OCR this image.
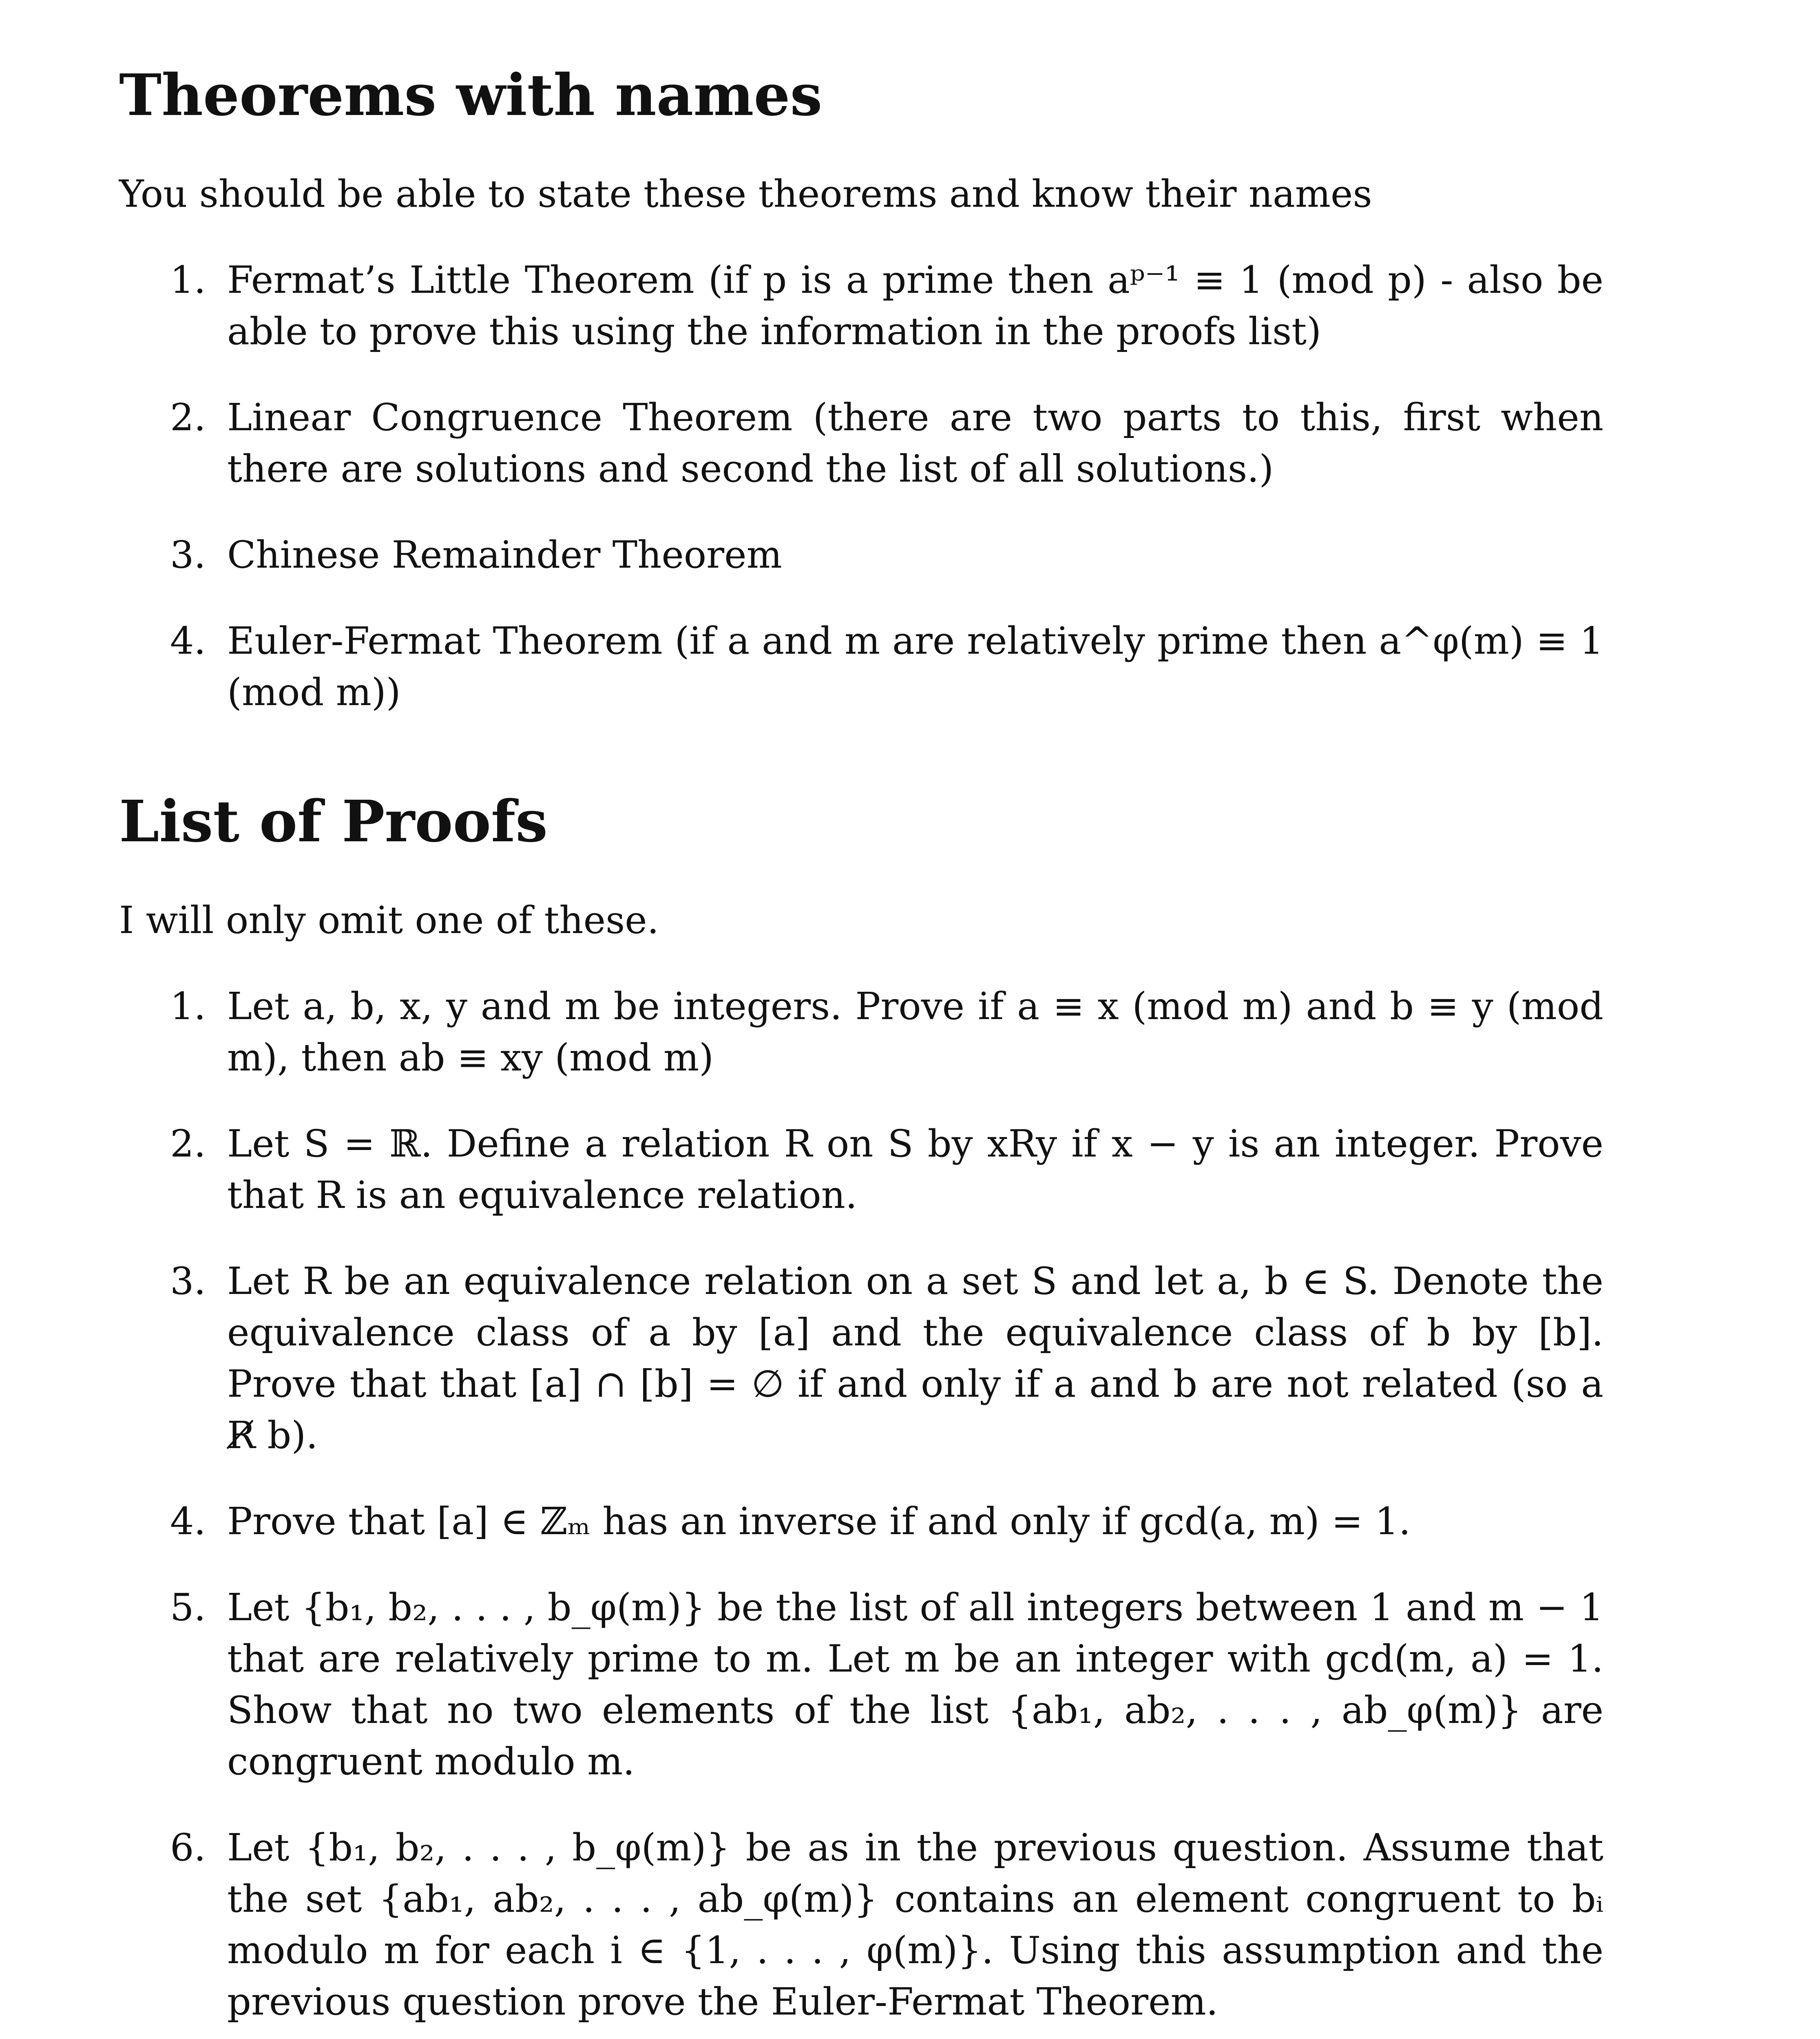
Theorems with names

You should be able to state these theorems and know their names

1. Fermat’s Little Theorem (if p is a prime then aᵖ⁻¹ ≡ 1 (mod p) - also be able to prove this using the information in the proofs list)
2. Linear Congruence Theorem (there are two parts to this, first when there are solutions and second the list of all solutions.)
3. Chinese Remainder Theorem
4. Euler-Fermat Theorem (if a and m are relatively prime then a^φ(m) ≡ 1 (mod m))
List of Proofs

I will only omit one of these.

1. Let a, b, x, y and m be integers. Prove if a ≡ x (mod m) and b ≡ y (mod m), then ab ≡ xy (mod m)
2. Let S = ℝ. Define a relation R on S by xRy if x − y is an integer. Prove that R is an equivalence relation.
3. Let R be an equivalence relation on a set S and let a, b ∈ S. Denote the equivalence class of a by [a] and the equivalence class of b by [b]. Prove that that [a] ∩ [b] = ∅ if and only if a and b are not related (so a R̸ b).
4. Prove that [a] ∈ ℤₘ has an inverse if and only if gcd(a, m) = 1.
5. Let {b₁, b₂, . . . , b_φ(m)} be the list of all integers between 1 and m − 1 that are relatively prime to m. Let m be an integer with gcd(m, a) = 1. Show that no two elements of the list {ab₁, ab₂, . . . , ab_φ(m)} are congruent modulo m.
6. Let {b₁, b₂, . . . , b_φ(m)} be as in the previous question. Assume that the set {ab₁, ab₂, . . . , ab_φ(m)} contains an element congruent to bᵢ modulo m for each i ∈ {1, . . . , φ(m)}. Using this assumption and the previous question prove the Euler-Fermat Theorem.
